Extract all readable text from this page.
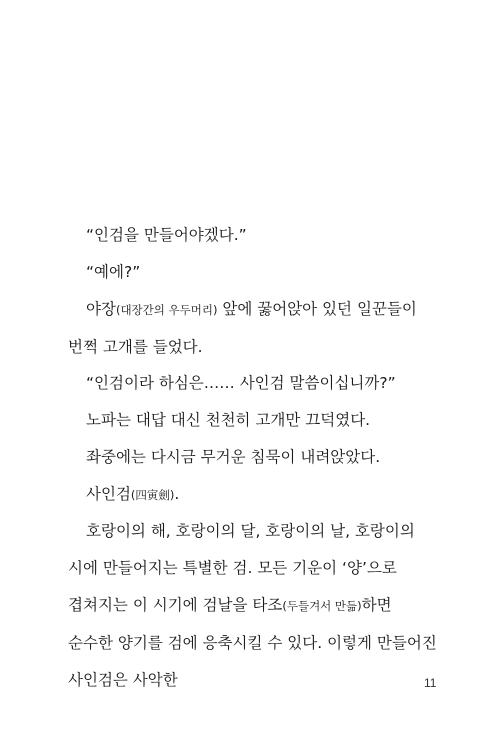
“인검을 만들어야겠다.”

“예에?”

야장(대장간의 우두머리) 앞에 꿇어앉아 있던 일꾼들이 번쩍 고개를 들었다.

“인검이라 하심은…… 사인검 말씀이십니까?”

노파는 대답 대신 천천히 고개만 끄덕였다.

좌중에는 다시금 무거운 침묵이 내려앉았다.

사인검(四寅劍).

호랑이의 해, 호랑이의 달, 호랑이의 날, 호랑이의 시에 만들어지는 특별한 검. 모든 기운이 ‘양’으로 겹쳐지는 이 시기에 검날을 타조(두들겨서 만듦)하면 순수한 양기를 검에 응축시킬 수 있다. 이렇게 만들어진 사인검은 사악한	11
